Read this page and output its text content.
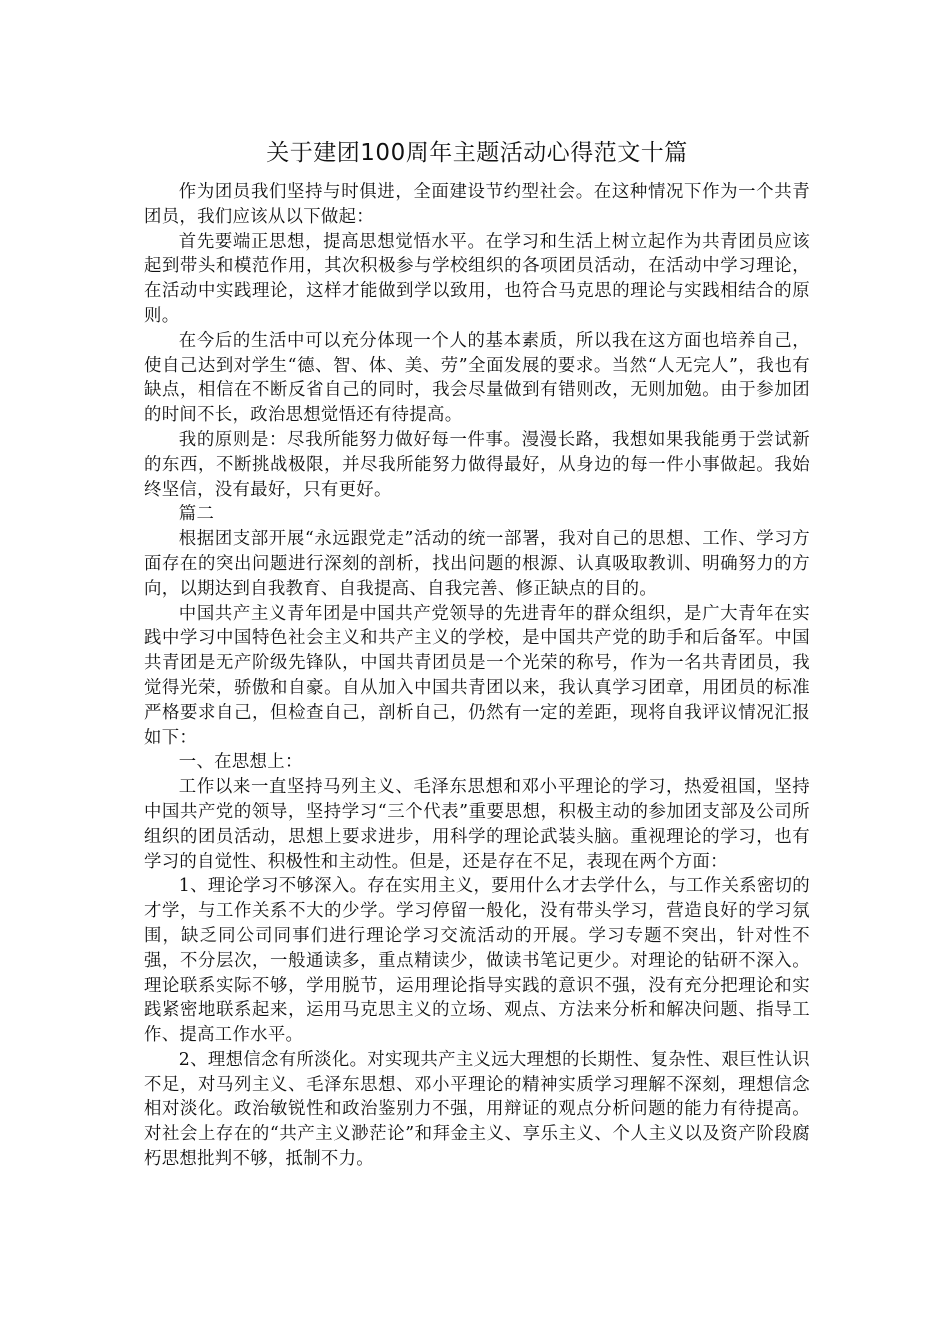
关于建团100周年主题活动心得范文十篇

作为团员我们坚持与时俱进，全面建设节约型社会。在这种情况下作为一个共青团员，我们应该从以下做起：

首先要端正思想，提高思想觉悟水平。在学习和生活上树立起作为共青团员应该起到带头和模范作用，其次积极参与学校组织的各项团员活动，在活动中学习理论，在活动中实践理论，这样才能做到学以致用，也符合马克思的理论与实践相结合的原则。

在今后的生活中可以充分体现一个人的基本素质，所以我在这方面也培养自己，使自己达到对学生“德、智、体、美、劳”全面发展的要求。当然“人无完人”，我也有缺点，相信在不断反省自己的同时，我会尽量做到有错则改，无则加勉。由于参加团的时间不长，政治思想觉悟还有待提高。

我的原则是：尽我所能努力做好每一件事。漫漫长路，我想如果我能勇于尝试新的东西，不断挑战极限，并尽我所能努力做得最好，从身边的每一件小事做起。我始终坚信，没有最好，只有更好。

篇二

根据团支部开展“永远跟党走”活动的统一部署，我对自己的思想、工作、学习方面存在的突出问题进行深刻的剖析，找出问题的根源、认真吸取教训、明确努力的方向，以期达到自我教育、自我提高、自我完善、修正缺点的目的。

中国共产主义青年团是中国共产党领导的先进青年的群众组织，是广大青年在实践中学习中国特色社会主义和共产主义的学校，是中国共产党的助手和后备军。中国共青团是无产阶级先锋队，中国共青团员是一个光荣的称号，作为一名共青团员，我觉得光荣，骄傲和自豪。自从加入中国共青团以来，我认真学习团章，用团员的标准严格要求自己，但检查自己，剖析自己，仍然有一定的差距，现将自我评议情况汇报如下：

一、在思想上：

工作以来一直坚持马列主义、毛泽东思想和邓小平理论的学习，热爱祖国，坚持中国共产党的领导，坚持学习“三个代表”重要思想，积极主动的参加团支部及公司所组织的团员活动，思想上要求进步，用科学的理论武装头脑。重视理论的学习，也有学习的自觉性、积极性和主动性。但是，还是存在不足，表现在两个方面：

1、理论学习不够深入。存在实用主义，要用什么才去学什么，与工作关系密切的才学，与工作关系不大的少学。学习停留一般化，没有带头学习，营造良好的学习氛围，缺乏同公司同事们进行理论学习交流活动的开展。学习专题不突出，针对性不强，不分层次，一般通读多，重点精读少，做读书笔记更少。对理论的钻研不深入。理论联系实际不够，学用脱节，运用理论指导实践的意识不强，没有充分把理论和实践紧密地联系起来，运用马克思主义的立场、观点、方法来分析和解决问题、指导工作、提高工作水平。

2、理想信念有所淡化。对实现共产主义远大理想的长期性、复杂性、艰巨性认识不足，对马列主义、毛泽东思想、邓小平理论的精神实质学习理解不深刻，理想信念相对淡化。政治敏锐性和政治鉴别力不强，用辩证的观点分析问题的能力有待提高。对社会上存在的“共产主义渺茫论”和拜金主义、享乐主义、个人主义以及资产阶段腐朽思想批判不够，抵制不力。
